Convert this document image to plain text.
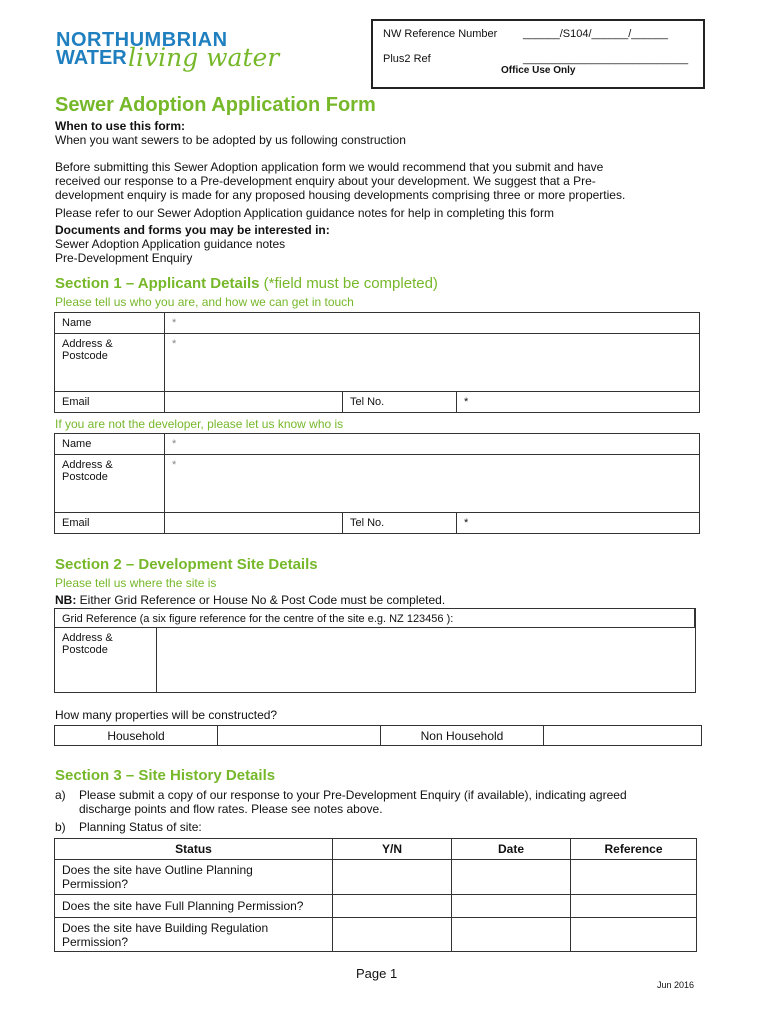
NORTHUMBRIAN
WATER living water
NW Reference Number ______/S104/______/______
Plus2 Ref	___________________________
Office Use Only
Sewer Adoption Application Form
When to use this form:
When you want sewers to be adopted by us following construction
Before submitting this Sewer Adoption application form we would recommend that you submit and have
received our response to a Pre-development enquiry about your development. We suggest that a Pre-
development enquiry is made for any proposed housing developments comprising three or more properties.
Please refer to our Sewer Adoption Application guidance notes for help in completing this form
Documents and forms you may be interested in:
Sewer Adoption Application guidance notes
Pre-Development Enquiry
Section 1 – Applicant Details (*field must be completed)
Please tell us who you are, and how we can get in touch
Name	*		
Address &
Postcode	*		
Email		Tel No.	*
If you are not the developer, please let us know who is
Name	*		
Address &
Postcode	*		
Email		Tel No.	*
Section 2 – Development Site Details
Please tell us where the site is
NB: Either Grid Reference or House No & Post Code must be completed.
Grid Reference (a six figure reference for the centre of the site e.g. NZ 123456 ):		
Address &
Postcode		
How many properties will be constructed?
Household		Non Household	
Section 3 – Site History Details
a) Please submit a copy of our response to your Pre-Development Enquiry (if available), indicating agreed
discharge points and flow rates. Please see notes above.
b) Planning Status of site:
Status	Y/N	Date	Reference
Does the site have Outline Planning
Permission?			
Does the site have Full Planning Permission?			
Does the site have Building Regulation
Permission?			
Page 1
Jun 2016
